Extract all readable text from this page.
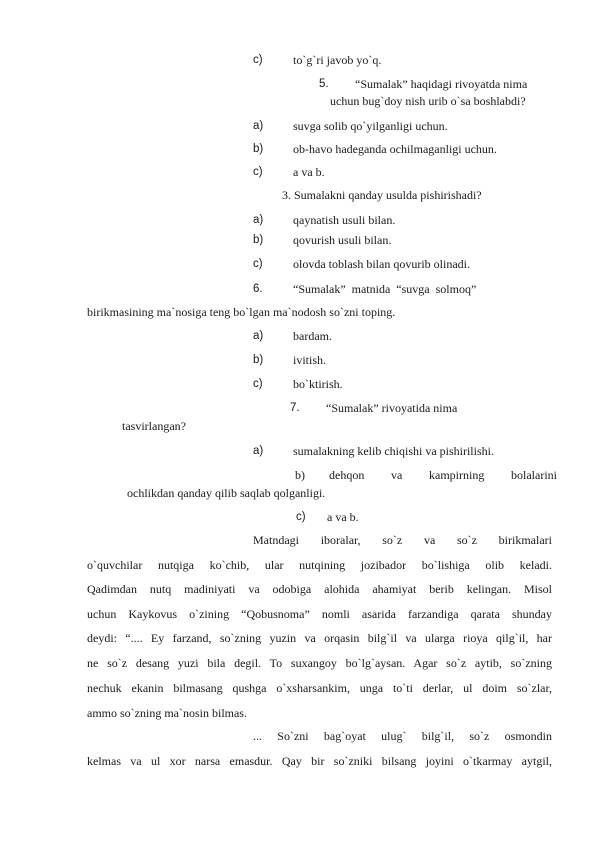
c)	to`g`ri javob yo`q.
5. “Sumalak” haqidagi rivoyatda nima
uchun bug`doy nish urib o`sa boshlabdi?
a) suvga solib qo`yilganligi uchun.
b) ob-havo hadeganda ochilmaganligi uchun.
c)	a va b.
3. Sumalakni qanday usulda pishirishadi?
a) qaynatish usuli bilan.
b) qovurish usuli bilan.
c)	olovda toblash bilan qovurib olinadi.
6.	“Sumalak” matnida “suvga solmoq”
birikmasining ma`nosiga teng bo`lgan ma`nodosh so`zni toping.
a) bardam.
b) ivitish.
c)	bo`ktirish.
7. “Sumalak” rivoyatida nima
tasvirlangan?
a) sumalakning kelib chiqishi va pishirilishi.
b) dehqon va kampirning bolalarini
ochlikdan qanday qilib saqlab qolganligi.
c) a va b.
Matndagi iboralar, so`z va so`z birikmalari
o`quvchilar nutqiga ko`chib, ular nutqining jozibador bo`lishiga olib keladi.
Qadimdan nutq madiniyati va odobiga alohida ahamiyat berib kelingan. Misol
uchun Kaykovus o`zining “Qobusnoma” nomli asarida farzandiga qarata shunday
deydi: “.... Ey farzand, so`zning yuzin va orqasin bilg`il va ularga rioya qilg`il, har
ne so`z desang yuzi bila degil. To suxangoy bo`lg`aysan. Agar so`z aytib, so`zning
nechuk ekanin bilmasang qushga o`xsharsankim, unga to`ti derlar, ul doim so`zlar,
ammo so`zning ma`nosin bilmas.
... So`zni bag`oyat ulug` bilg`il, so`z osmondin
kelmas va ul xor narsa emasdur. Qay bir so`zniki bilsang joyini o`tkarmay aytgil,
